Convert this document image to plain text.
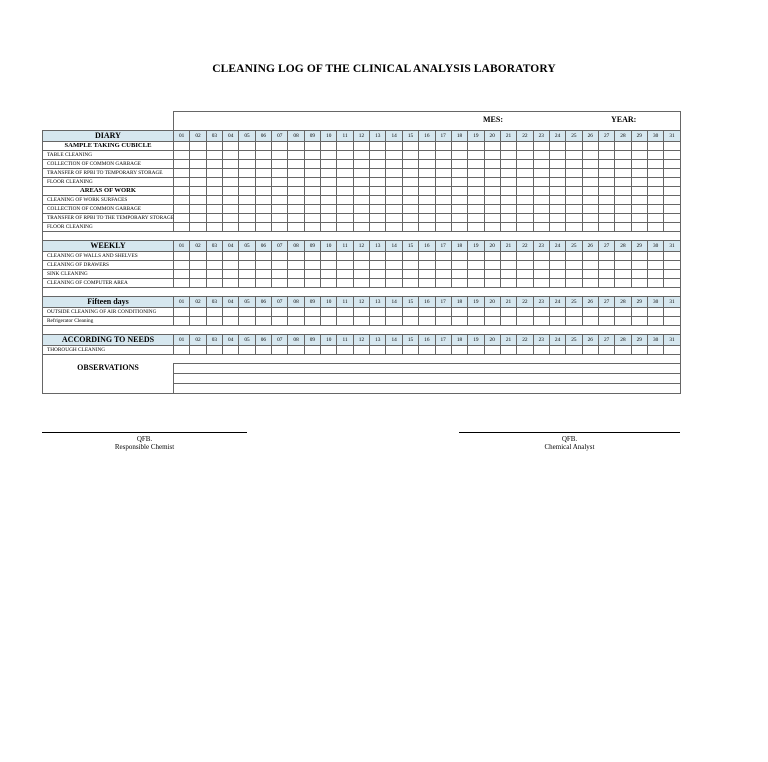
CLEANING LOG OF THE CLINICAL ANALYSIS LABORATORY

	MES: YEAR:																														

DIARY	01	02	03	04	05	06	07	08	09	10	11	12	13	14	15	16	17	18	19	20	21	22	23	24	25	26	27	28	29	30	31
SAMPLE TAKING CUBICLE																															
TABLE CLEANING																															
COLLECTION OF COMMON GARBAGE																															
TRANSFER OF RPBI TO TEMPORARY STORAGE																															
FLOOR CLEANING																															
AREAS OF WORK																															
CLEANING OF WORK SURFACES																															
COLLECTION OF COMMON GARBAGE																															
TRANSFER OF RPBI TO THE TEMPORARY STORAGE																															
FLOOR CLEANING																															

WEEKLY	01	02	03	04	05	06	07	08	09	10	11	12	13	14	15	16	17	18	19	20	21	22	23	24	25	26	27	28	29	30	31
CLEANING OF WALLS AND SHELVES																															
CLEANING OF DRAWERS																															
SINK CLEANING																															
CLEANING OF COMPUTER AREA																															

Fifteen days	01	02	03	04	05	06	07	08	09	10	11	12	13	14	15	16	17	18	19	20	21	22	23	24	25	26	27	28	29	30	31
OUTSIDE CLEANING OF AIR CONDITIONING																															
Refrigerator Cleaning																															

ACCORDING TO NEEDS	01	02	03	04	05	06	07	08	09	10	11	12	13	14	15	16	17	18	19	20	21	22	23	24	25	26	27	28	29	30	31
THOROUGH CLEANING																															

OBSERVATIONS																															

QFB.
Responsible Chemist
QFB.
Chemical Analyst
